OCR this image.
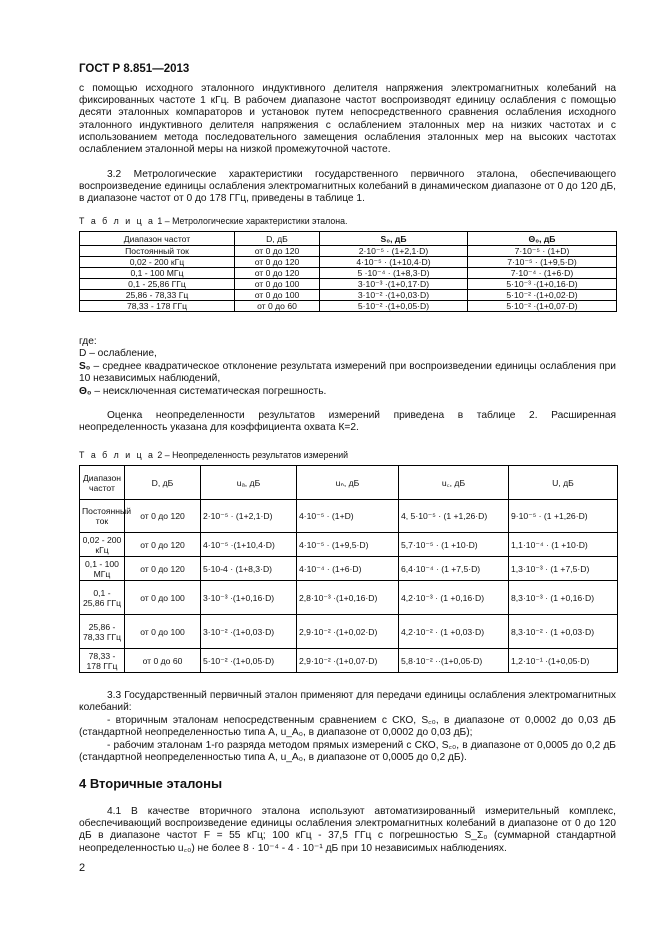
ГОСТ Р 8.851—2013
с помощью исходного эталонного индуктивного делителя напряжения электромагнитных колебаний на фиксированных частоте 1 кГц. В рабочем диапазоне частот воспроизводят единицу ослабления с помощью десяти эталонных компараторов и установок путем непосредственного сравнения ослабления исходного эталонного индуктивного делителя напряжения с ослаблением эталонных мер на низких частотах и с использованием метода последовательного замещения ослабления эталонных мер на высоких частотах ослаблением эталонной меры на низкой промежуточной частоте.
3.2 Метрологические характеристики государственного первичного эталона, обеспечивающего воспроизведение единицы ослабления электромагнитных колебаний в динамическом диапазоне от 0 до 120 дБ, в диапазоне частот от 0 до 178 ГГц, приведены в таблице 1.
Т а б л и ц а 1 – Метрологические характеристики эталона.
Диапазон частот	D, дБ	S₀, дБ	Θ₀, дБ
Постоянный ток	от 0 до 120	2·10⁻⁵ · (1+2,1·D)	7·10⁻⁵ · (1+D)
0,02 - 200 кГц	от 0 до 120	4·10⁻⁵ · (1+10,4·D)	7·10⁻⁵ · (1+9,5·D)
0,1 - 100 МГц	от 0 до 120	5 ·10⁻⁴ · (1+8,3·D)	7·10⁻⁴ · (1+6·D)
0,1 - 25,86 ГГц	от 0 до 100	3·10⁻³ ·(1+0,17·D)	5·10⁻³ ·(1+0,16·D)
25,86 - 78,33 Гц	от 0 до 100	3·10⁻² ·(1+0,03·D)	5·10⁻² ·(1+0,02·D)
78,33 - 178 ГГц	от 0 до 60	5·10⁻² ·(1+0,05·D)	5·10⁻² ·(1+0,07·D)
где:
D – ослабление,
S₀ – среднее квадратическое отклонение результата измерений при воспроизведении единицы ослабления при 10 независимых наблюдений,
Θ₀ – неисключенная систематическая погрешность.
Оценка неопределенности результатов измерений приведена в таблице 2. Расширенная неопределенность указана для коэффициента охвата К=2.
Т а б л и ц а 2 – Неопределенность результатов измерений
Диапазон частот	D, дБ	uₐ, дБ	uₙ, дБ	u꜀, дБ	U, дБ
Постоянный ток	от 0 до 120	2·10⁻⁵ · (1+2,1·D)	4·10⁻⁵ · (1+D)	4, 5·10⁻⁵ · (1 +1,26·D)	9·10⁻⁵ · (1 +1,26·D)
0,02 - 200 кГц	от 0 до 120	4·10⁻⁵ ·(1+10,4·D)	4·10⁻⁵ · (1+9,5·D)	5,7·10⁻⁵ · (1 +10·D)	1,1·10⁻⁴ · (1 +10·D)
0,1 - 100 МГц	от 0 до 120	5·10-4 · (1+8,3·D)	4·10⁻⁴ · (1+6·D)	6,4·10⁻⁴ · (1 +7,5·D)	1,3·10⁻³ · (1 +7,5·D)
0,1 - 25,86 ГГц	от 0 до 100	3·10⁻³ ·(1+0,16·D)	2,8·10⁻³ ·(1+0,16·D)	4,2·10⁻³ · (1 +0,16·D)	8,3·10⁻³ · (1 +0,16·D)
25,86 - 78,33 ГГц	от 0 до 100	3·10⁻² ·(1+0,03·D)	2,9·10⁻² ·(1+0,02·D)	4,2·10⁻² · (1 +0,03·D)	8,3·10⁻² · (1 +0,03·D)
78,33 - 178 ГГц	от 0 до 60	5·10⁻² ·(1+0,05·D)	2,9·10⁻² ·(1+0,07·D)	5,8·10⁻² ··(1+0,05·D)	1,2·10⁻¹ ·(1+0,05·D)
3.3 Государственный первичный эталон применяют для передачи единицы ослабления электромагнитных колебаний:
- вторичным эталонам непосредственным сравнением с СКО, S꜀₀, в диапазоне от 0,0002 до 0,03 дБ (стандартной неопределенностью типа А, u_A₀, в диапазоне от 0,0002 до 0,03 дБ);
- рабочим эталонам 1-го разряда методом прямых измерений с СКО, S꜀₀, в диапазоне от 0,0005 до 0,2 дБ (стандартной неопределенностью типа А, u_A₀, в диапазоне от 0,0005 до 0,2 дБ).
4 Вторичные эталоны
4.1 В качестве вторичного эталона используют автоматизированный измерительный комплекс, обеспечивающий воспроизведение единицы ослабления электромагнитных колебаний в диапазоне от 0 до 120 дБ в диапазоне частот F = 55 кГц; 100 кГц - 37,5 ГГц с погрешностью S_Σ₀ (суммарной стандартной неопределенностью u꜀₀) не более 8 · 10⁻⁴ - 4 · 10⁻¹ дБ при 10 независимых наблюдениях.
2
